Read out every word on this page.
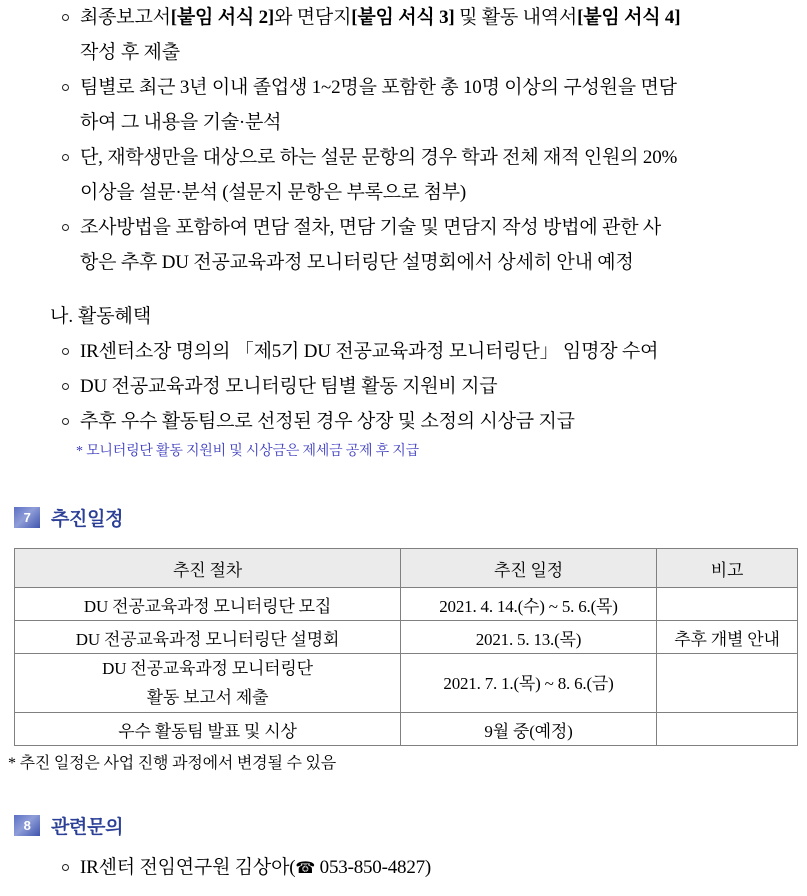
최종보고서[붙임 서식 2]와 면담지[붙임 서식 3] 및 활동 내역서[붙임 서식 4]
작성 후 제출
팀별로 최근 3년 이내 졸업생 1~2명을 포함한 총 10명 이상의 구성원을 면담
하여 그 내용을 기술·분석
단, 재학생만을 대상으로 하는 설문 문항의 경우 학과 전체 재적 인원의 20%
이상을 설문·분석 (설문지 문항은 부록으로 첨부)
조사방법을 포함하여 면담 절차, 면담 기술 및 면담지 작성 방법에 관한 사
항은 추후 DU 전공교육과정 모니터링단 설명회에서 상세히 안내 예정
나. 활동혜택
IR센터소장 명의의 「제5기 DU 전공교육과정 모니터링단」 임명장 수여
DU 전공교육과정 모니터링단 팀별 활동 지원비 지급
추후 우수 활동팀으로 선정된 경우 상장 및 소정의 시상금 지급
* 모니터링단 활동 지원비 및 시상금은 제세금 공제 후 지급
7	추진일정
추진 절차	추진 일정	비고
DU 전공교육과정 모니터링단 모집	2021. 4. 14.(수) ~ 5. 6.(목)	
DU 전공교육과정 모니터링단 설명회	2021. 5. 13.(목)	추후 개별 안내
DU 전공교육과정 모니터링단
활동 보고서 제출	2021. 7. 1.(목) ~ 8. 6.(금)	
우수 활동팀 발표 및 시상	9월 중(예정)	
* 추진 일정은 사업 진행 과정에서 변경될 수 있음
8	관련문의
IR센터 전임연구원 김상아(☎ 053-850-4827)
